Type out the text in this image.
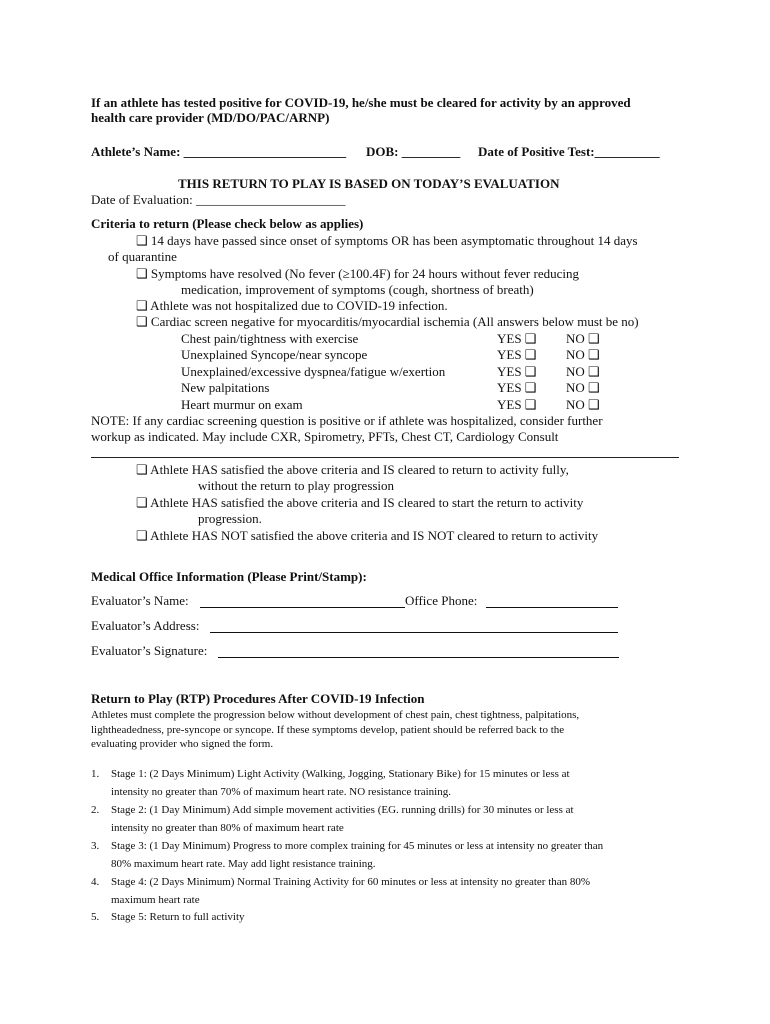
If an athlete has tested positive for COVID-19, he/she must be cleared for activity by an approved
health care provider (MD/DO/PAC/ARNP)
Athlete’s Name: _________________________ DOB: _________ Date of Positive Test:__________
THIS RETURN TO PLAY IS BASED ON TODAY’S EVALUATION
Date of Evaluation: _______________________
Criteria to return (Please check below as applies)
❑ 14 days have passed since onset of symptoms OR has been asymptomatic throughout 14 days
of quarantine
❑ Symptoms have resolved (No fever (≥100.4F) for 24 hours without fever reducing
medication, improvement of symptoms (cough, shortness of breath)
❑ Athlete was not hospitalized due to COVID-19 infection.
❑ Cardiac screen negative for myocarditis/myocardial ischemia (All answers below must be no)
Chest pain/tightness with exercise	YES ❑ NO ❑
Unexplained Syncope/near syncope	YES ❑ NO ❑
Unexplained/excessive dyspnea/fatigue w/exertion	YES ❑ NO ❑
New palpitations	YES ❑ NO ❑
Heart murmur on exam	YES ❑ NO ❑
NOTE: If any cardiac screening question is positive or if athlete was hospitalized, consider further
workup as indicated. May include CXR, Spirometry, PFTs, Chest CT, Cardiology Consult
❑ Athlete HAS satisfied the above criteria and IS cleared to return to activity fully,
without the return to play progression
❑ Athlete HAS satisfied the above criteria and IS cleared to start the return to activity
progression.
❑ Athlete HAS NOT satisfied the above criteria and IS NOT cleared to return to activity
Medical Office Information (Please Print/Stamp):
Evaluator’s Name:	Office Phone:
Evaluator’s Address:
Evaluator’s Signature:
Return to Play (RTP) Procedures After COVID-19 Infection
Athletes must complete the progression below without development of chest pain, chest tightness, palpitations,
lightheadedness, pre-syncope or syncope. If these symptoms develop, patient should be referred back to the
evaluating provider who signed the form.
1. Stage 1: (2 Days Minimum) Light Activity (Walking, Jogging, Stationary Bike) for 15 minutes or less at
intensity no greater than 70% of maximum heart rate. NO resistance training.
2. Stage 2: (1 Day Minimum) Add simple movement activities (EG. running drills) for 30 minutes or less at
intensity no greater than 80% of maximum heart rate
3. Stage 3: (1 Day Minimum) Progress to more complex training for 45 minutes or less at intensity no greater than
80% maximum heart rate. May add light resistance training.
4. Stage 4: (2 Days Minimum) Normal Training Activity for 60 minutes or less at intensity no greater than 80%
maximum heart rate
5. Stage 5: Return to full activity
